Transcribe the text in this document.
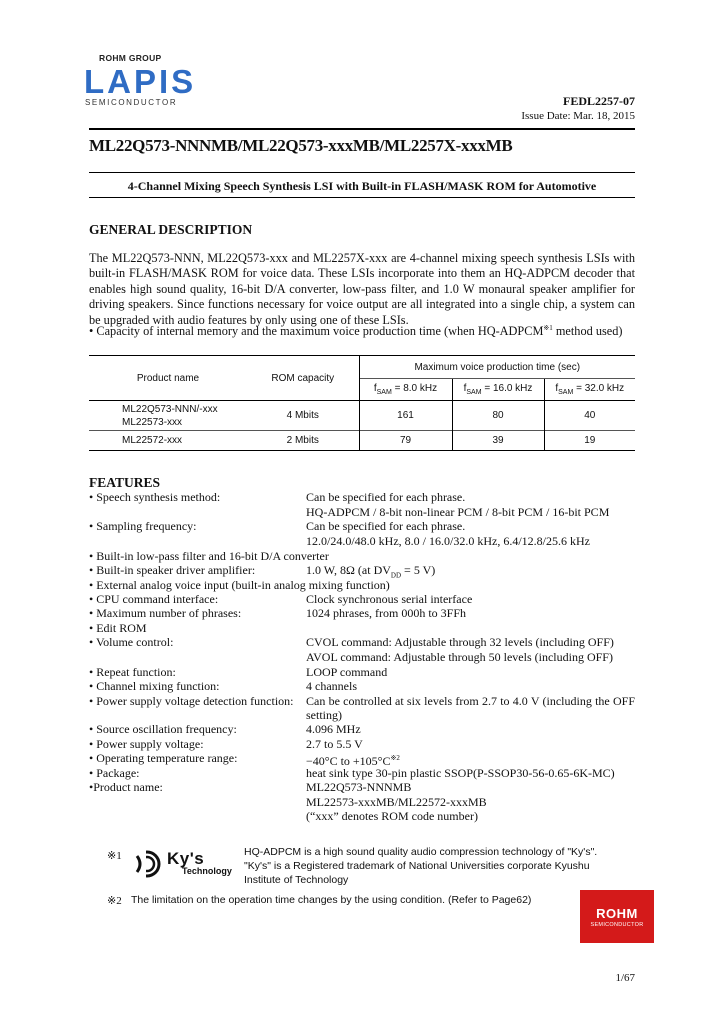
ROHM GROUP
LAPIS
SEMICONDUCTOR	FEDL2257-07
Issue Date: Mar. 18, 2015
ML22Q573-NNNMB/ML22Q573-xxxMB/ML2257X-xxxMB
4-Channel Mixing Speech Synthesis LSI with Built-in FLASH/MASK ROM for Automotive
GENERAL DESCRIPTION
The ML22Q573-NNN, ML22Q573-xxx and ML2257X-xxx are 4-channel mixing speech synthesis LSIs with built-in FLASH/MASK ROM for voice data. These LSIs incorporate into them an HQ-ADPCM decoder that enables high sound quality, 16-bit D/A converter, low-pass filter, and 1.0 W monaural speaker amplifier for driving speakers. Since functions necessary for voice output are all integrated into a single chip, a system can be upgraded with audio features by only using one of these LSIs.
• Capacity of internal memory and the maximum voice production time (when HQ-ADPCM$^{※1}$ method used)
Product name	ROM capacity	Maximum voice production time (sec)		
		$f_{SAM} = 8.0$ kHz	$f_{SAM} = 16.0$ kHz	$f_{SAM} = 32.0$ kHz

ML22Q573-NNN/-xxx
ML22573-xxx	4 Mbits	161	80	40
ML22572-xxx	2 Mbits	79	39	19
FEATURES
• Speech synthesis method:	Can be specified for each phrase.
HQ-ADPCM / 8-bit non-linear PCM / 8-bit PCM / 16-bit PCM
• Sampling frequency:	Can be specified for each phrase.
12.0/24.0/48.0 kHz, 8.0 / 16.0/32.0 kHz, 6.4/12.8/25.6 kHz
• Built-in low-pass filter and 16-bit D/A converter
• Built-in speaker driver amplifier:	1.0 W, 8Ω (at $DV_{DD} = 5$ V)
• External analog voice input (built-in analog mixing function)
• CPU command interface:	Clock synchronous serial interface
• Maximum number of phrases:	1024 phrases, from 000h to 3FFh
• Edit ROM
• Volume control:	CVOL command: Adjustable through 32 levels (including OFF)
AVOL command: Adjustable through 50 levels (including OFF)
• Repeat function:	LOOP command
• Channel mixing function:	4 channels
• Power supply voltage detection function:	Can be controlled at six levels from 2.7 to 4.0 V (including the OFF setting)
• Source oscillation frequency:	4.096 MHz
• Power supply voltage:	2.7 to 5.5 V
• Operating temperature range:	−40°C to $+105^\circ C^{※2}$
• Package:	heat sink type 30-pin plastic SSOP(P-SSOP30-56-0.65-6K-MC)
•Product name:	ML22Q573-NNNMB
ML22573-xxxMB/ML22572-xxxMB
(“xxx” denotes ROM code number)
※1	Ky's
Technology
HQ-ADPCM is a high sound quality audio compression technology of "Ky's".
"Ky's" is a Registered trademark of National Universities corporate Kyushu
Institute of Technology
※2 The limitation on the operation time changes by the using condition. (Refer to Page62)
ROHM
SEMICONDUCTOR
1/67
